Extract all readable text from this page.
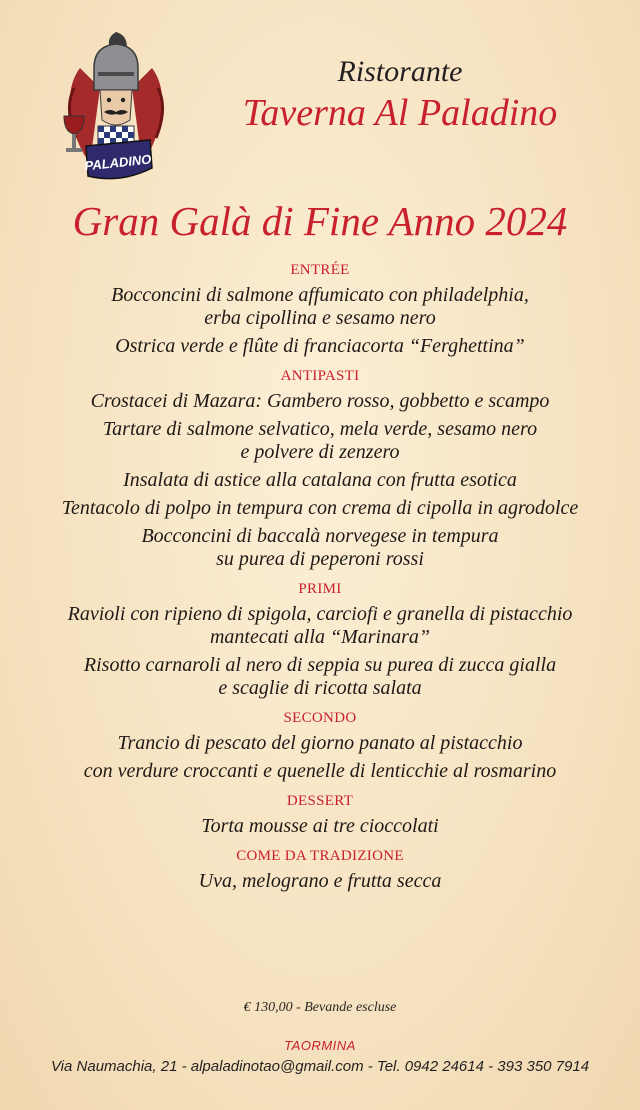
PALADINO
Ristorante
Taverna Al Paladino
Gran Galà di Fine Anno 2024
ENTRÉE
Bocconcini di salmone affumicato con philadelphia,
erba cipollina e sesamo nero
Ostrica verde e flûte di franciacorta “Ferghettina”
ANTIPASTI
Crostacei di Mazara: Gambero rosso, gobbetto e scampo
Tartare di salmone selvatico, mela verde, sesamo nero
e polvere di zenzero
Insalata di astice alla catalana con frutta esotica
Tentacolo di polpo in tempura con crema di cipolla in agrodolce
Bocconcini di baccalà norvegese in tempura
su purea di peperoni rossi
PRIMI
Ravioli con ripieno di spigola, carciofi e granella di pistacchio
mantecati alla “Marinara”
Risotto carnaroli al nero di seppia su purea di zucca gialla
e scaglie di ricotta salata
SECONDO
Trancio di pescato del giorno panato al pistacchio
con verdure croccanti e quenelle di lenticchie al rosmarino
DESSERT
Torta mousse ai tre cioccolati
COME DA TRADIZIONE
Uva, melograno e frutta secca
€ 130,00 - Bevande escluse
TAORMINA
Via Naumachia, 21 - alpaladinotao@gmail.com - Tel. 0942 24614 - 393 350 7914
